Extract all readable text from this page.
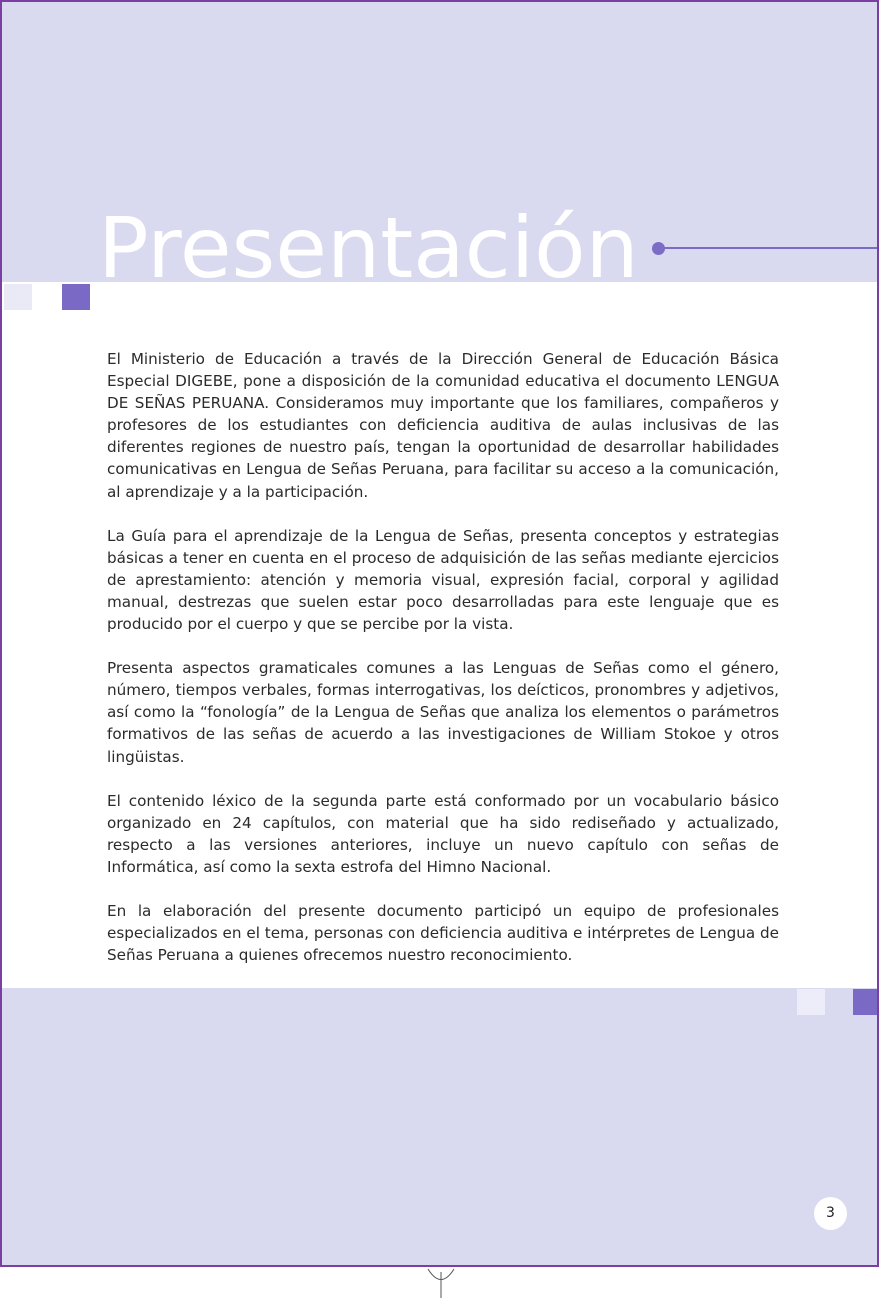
Presentación

El Ministerio de Educación a través de la Dirección General de Educación Básica Especial DIGEBE, pone a disposición de la comunidad educativa el documento LENGUA DE SEÑAS PERUANA. Consideramos muy importante que los familiares, compañeros y profesores de los estudiantes con deficiencia auditiva de aulas inclusivas de las diferentes regiones de nuestro país, tengan la oportunidad de desarrollar habilidades comunicativas en Lengua de Señas Peruana, para facilitar su acceso a la comunicación, al aprendizaje y a la participación.

La Guía para el aprendizaje de la Lengua de Señas, presenta conceptos y estrategias básicas a tener en cuenta en el proceso de adquisición de las señas mediante ejercicios de aprestamiento: atención y memoria visual, expresión facial, corporal y agilidad manual, destrezas que suelen estar poco desarrolladas para este lenguaje que es producido por el cuerpo y que se percibe por la vista.

Presenta aspectos gramaticales comunes a las Lenguas de Señas como el género, número, tiempos verbales, formas interrogativas, los deícticos, pronombres y adjetivos, así como la “fonología” de la Lengua de Señas que analiza los elementos o parámetros formativos de las señas de acuerdo a las investigaciones de William Stokoe y otros lingüistas.

El contenido léxico de la segunda parte está conformado por un vocabulario básico organizado en 24 capítulos, con material que ha sido rediseñado y actualizado, respecto a las versiones anteriores, incluye un nuevo capítulo con señas de Informática, así como la sexta estrofa del Himno Nacional.

En la elaboración del presente documento participó un equipo de profesionales especializados en el tema, personas con deficiencia auditiva e intérpretes de Lengua de Señas Peruana a quienes ofrecemos nuestro reconocimiento.

3
